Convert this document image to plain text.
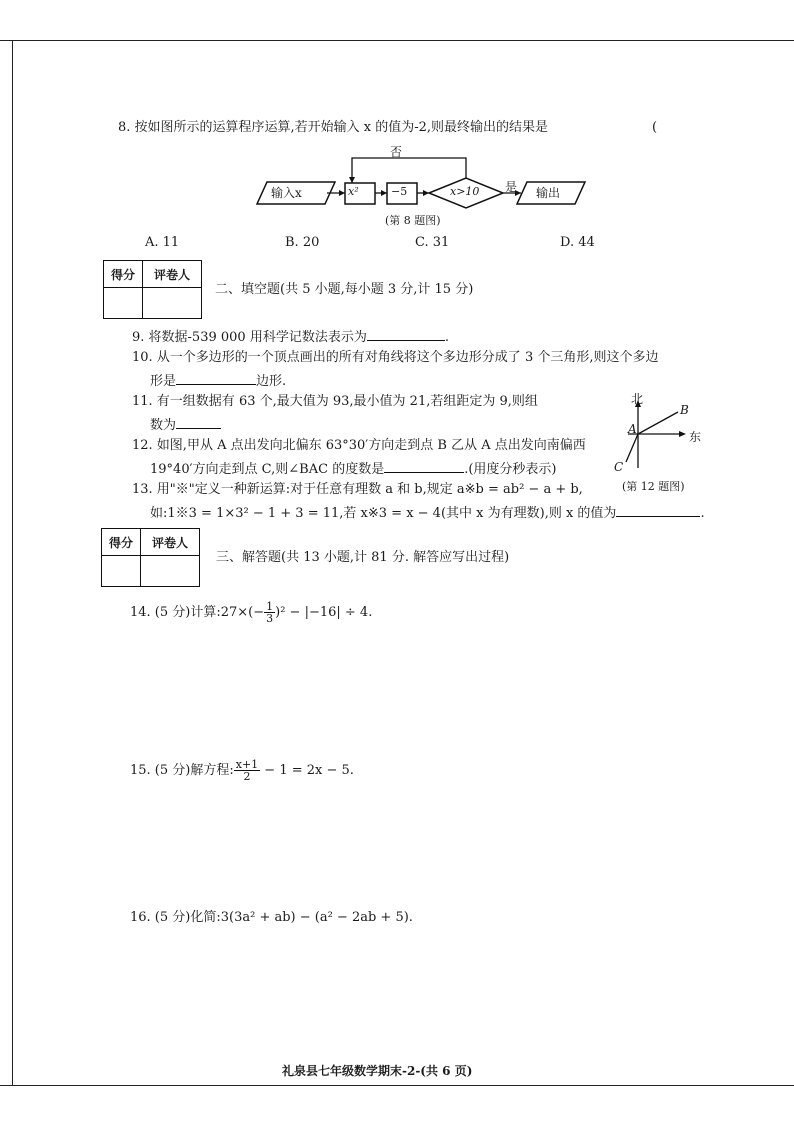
8. 按如图所示的运算程序运算,若开始输入 x 的值为-2,则最终输出的结果是	(
输入x	x²	−5	x>10
否
是 输出
(第 8 题图)
A. 11	B. 20	C. 31	D. 44
得分	评卷人

二、填空题(共 5 小题,每小题 3 分,计 15 分)
9. 将数据-539 000 用科学记数法表示为	.
10. 从一个多边形的一个顶点画出的所有对角线将这个多边形分成了 3 个三角形,则这个多边
形是	边形.
11. 有一组数据有 63 个,最大值为 93,最小值为 21,若组距定为 9,则组
数为
12. 如图,甲从 A 点出发向北偏东 63°30′方向走到点 B 乙从 A 点出发向南偏西
19°40′方向走到点 C,则∠BAC 的度数是	.(用度分秒表示)
北
东
A
B
C
(第 12 题图)
13. 用"※"定义一种新运算:对于任意有理数 a 和 b,规定 a※b = ab² − a + b,
如:1※3 = 1×3² − 1 + 3 = 11,若 x※3 = x − 4(其中 x 为有理数),则 x 的值为	.
得分	评卷人

三、解答题(共 13 小题,计 81 分. 解答应写出过程)
14. (5 分)计算:27×(− $\frac{1}{3} )^2 - |-16| \div 4$.
15. (5 分)解方程: $\frac{x+1}{2} - 1 = 2x - 5$.
16. (5 分)化简:3(3a² + ab) − (a² − 2ab + 5).
礼泉县七年级数学期末-2-(共 6 页)
